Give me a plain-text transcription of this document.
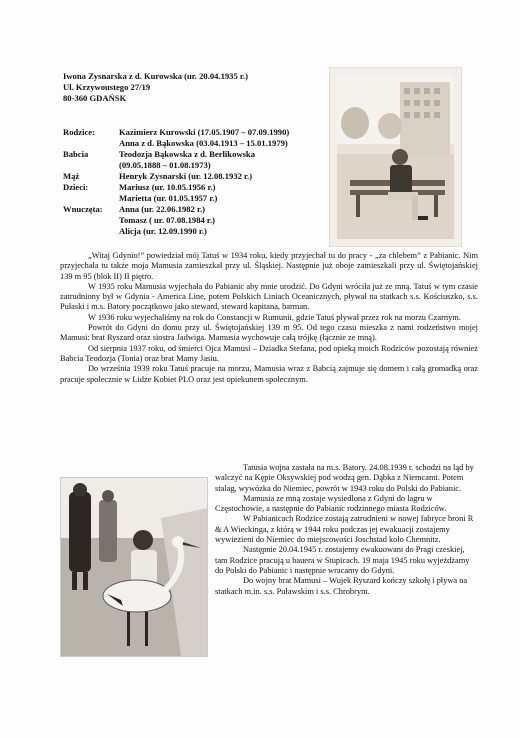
Iwona Zysnarska z d. Kurowska (ur. 20.04.1935 r.)
Ul. Krzywoustego 27/19
80-360 GDAŃSK
Rodzice:	Kazimierz Kurowski (17.05.1907 – 07.09.1990)
Anna z d. Bąkowska (03.04.1913 – 15.01.1979)
Babcia	Teodozja Bąkowska z d. Berlikowska
(09.05.1888 – 01.08.1973)
Mąż	Henryk Zysnarski (ur. 12.08.1932 r.)
Dzieci:	Mariusz (ur. 10.05.1956 r.)
Marietta (ur. 01.05.1957 r.)
Wnuczęta:	Anna (ur. 22.06.1982 r.)
Tomasz ( ur. 07.08.1984 r.)
Alicja (ur. 12.09.1990 r.)

„Witaj Gdynio!” powiedział mój Tatuś w 1934 roku, kiedy przyjechał tu do pracy - „za chlebem” z Pabianic. Nim przyjechała tu także moja Mamusia zamieszkał przy ul. Śląskiej. Następnie już oboje zamieszkali przy ul. Świętojańskiej 139 m 95 (blok II) II piętro.

W 1935 roku Mamusia wyjechała do Pabianic aby mnie urodzić. Do Gdyni wróciła już ze mną. Tatuś w tym czasie zatrudniony był w Gdynia - America Line, potem Polskich Liniach Oceanicznych, pływał na statkach s.s. Kościuszko, s.s. Pułaski i m.s. Batory początkowo jako steward, steward kapitana, barman.

W 1936 roku wyjechaliśmy na rok do Constancji w Rumunii, gdzie Tatuś pływał przez rok na morzu Czarnym.

Powrót do Gdyni do domu przy ul. Świętojańskiej 139 m 95. Od tego czasu mieszka z nami rodzeństwo mojej Mamusi: brat Ryszard oraz siostra Jadwiga. Mamusia wychowuje całą trójkę (łącznie ze mną).

Od sierpnia 1937 roku, od śmierci Ojca Mamusi – Dziadka Stefana, pod opieką moich Rodziców pozostają również Babcia Teodozja (Tonia) oraz brat Mamy Jasiu.

Do września 1939 roku Tatuś pracuje na morzu, Mamusia wraz z Babcią zajmuje się domem i całą gromadką oraz pracuje społecznie w Lidze Kobiet PLO oraz jest opiekunem społecznym.

Tatusia wojna zastała na m.s. Batory. 24.08.1939 r. schodzi na ląd by walczyć na Kępie Oksywskiej pod wodzą gen. Dąbka z Niemcami. Potem stalag, wywózka do Niemiec, powrót w 1943 roku do Polski do Pabianic.

Mamusia ze mną zostaje wysiedlona z Gdyni do lagru w Częstochowie, a następnie do Pabianic rodzinnego miasta Rodziców.

W Pabianicach Rodzice zostają zatrudnieni w nowej fabryce broni R & A Wieckinga, z którą w 1944 roku podczas jej ewakuacji zostajemy wywiezieni do Niemiec do miejscowości Joschstad koło Chemnitz.

Następnie 20.04.1945 r. zostajemy ewakuowani do Pragi czeskiej, tam Rodzice pracują u bauera w Stupicach. 19 maja 1945 roku wyjeżdżamy do Polski do Pabianic i następnie wracamy do Gdyni.

Do wojny brat Mamusi – Wujek Ryszard kończy szkołę i pływa na statkach m.in. s.s. Puławskim i s.s. Chrobrym.
